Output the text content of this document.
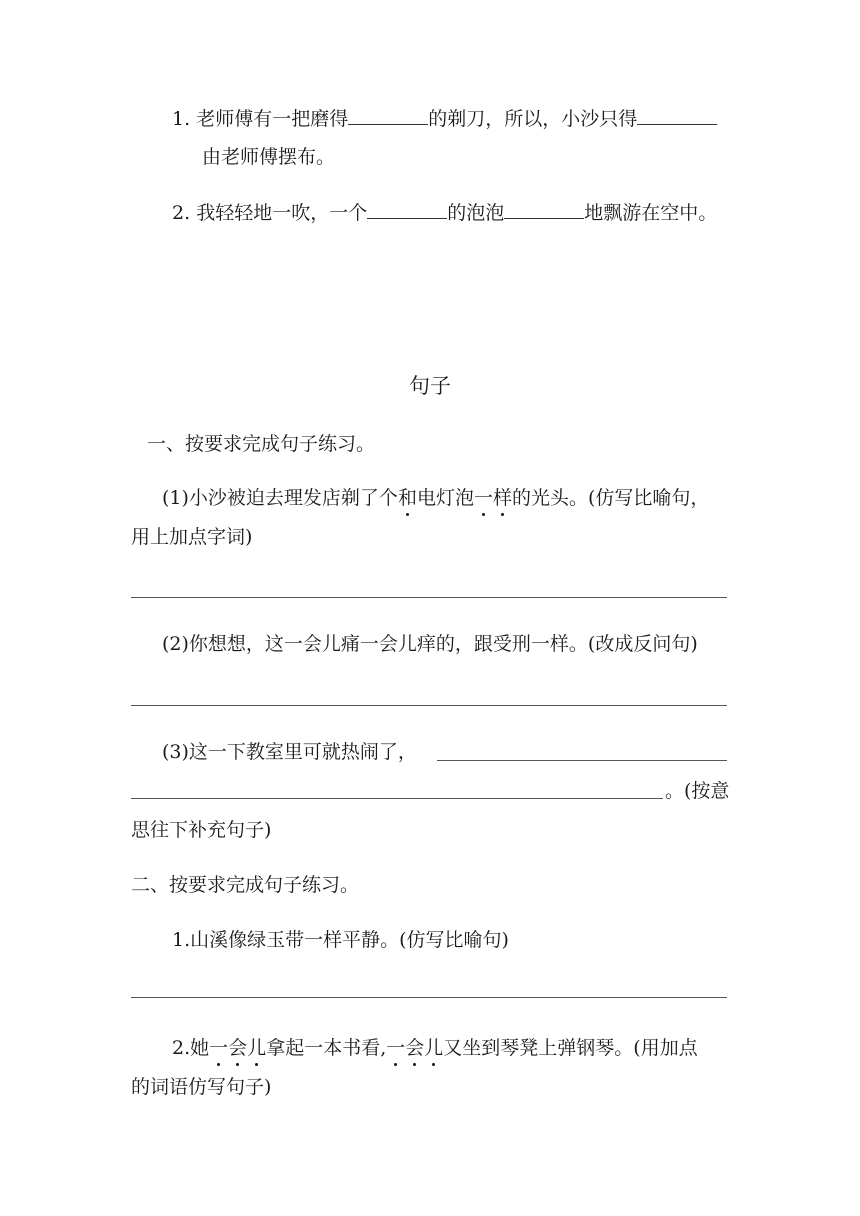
1. 老师傅有一把磨得	的剃刀，所以，小沙只得
由老师傅摆布。
2. 我轻轻地一吹，一个	的泡泡	地飘游在空中。
句子
一、按要求完成句子练习。
(1)小沙被迫去理发店剃了个和电灯泡一样的光头。(仿写比喻句，
用上加点字词)
(2)你想想，这一会儿痛一会儿痒的，跟受刑一样。(改成反问句)
(3)这一下教室里可就热闹了，
。(按意
思往下补充句子)
二、按要求完成句子练习。
1.山溪像绿玉带一样平静。(仿写比喻句)
2.她一会儿拿起一本书看,一会儿又坐到琴凳上弹钢琴。(用加点
的词语仿写句子)
